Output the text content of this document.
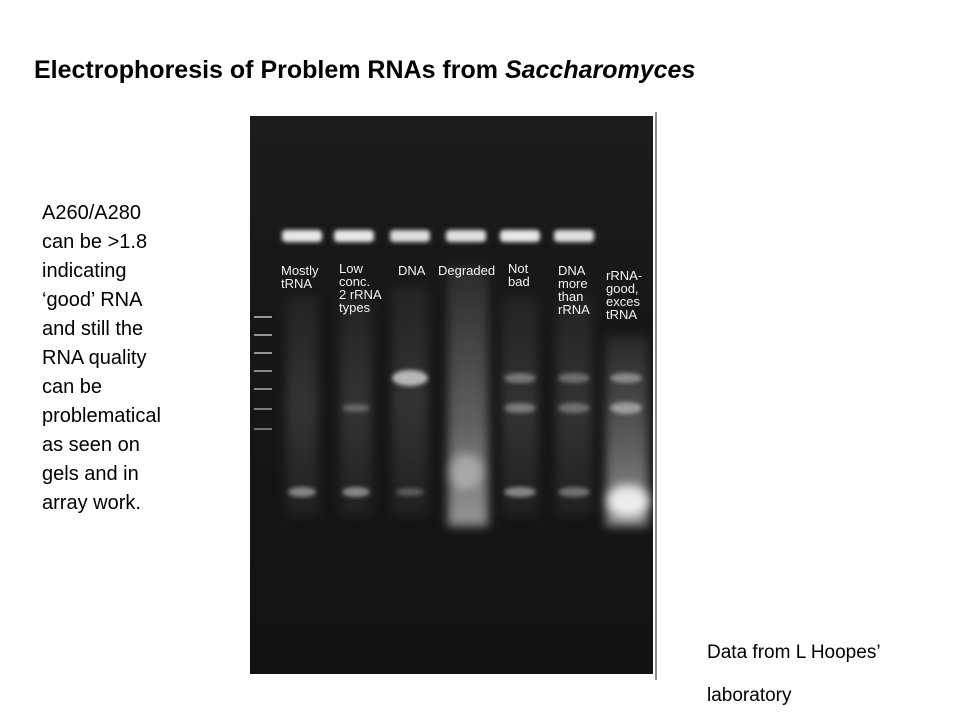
Electrophoresis of Problem RNAs from Saccharomyces
A260/A280
can be >1.8
indicating
‘good’ RNA
and still the
RNA quality
can be
problematical
as seen on
gels and in
array work.
Mostly
tRNA
Low
conc.
2 rRNA
types
DNA Degraded Not
bad
DNA
more
than
rRNA
rRNA-
good,
exces
tRNA
Data from L Hoopes’
laboratory
